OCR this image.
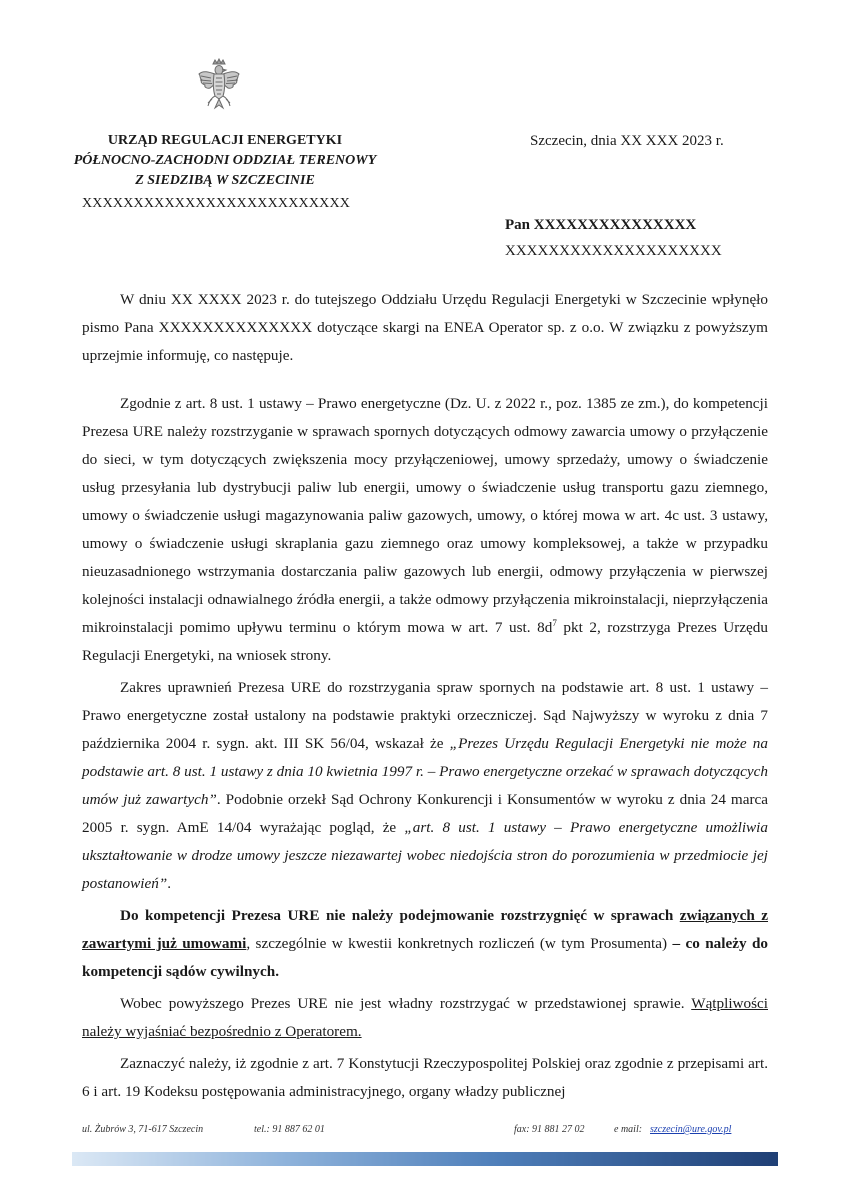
URZĄD REGULACJI ENERGETYKI
PÓŁNOCNO-ZACHODNI ODDZIAŁ TERENOWY
Z SIEDZIBĄ W SZCZECINIE
XXXXXXXXXXXXXXXXXXXXXXXXXX
Szczecin, dnia XX XXX 2023 r.
Pan XXXXXXXXXXXXXXX
XXXXXXXXXXXXXXXXXXXX

W dniu XX XXXX 2023 r. do tutejszego Oddziału Urzędu Regulacji Energetyki w Szczecinie wpłynęło pismo Pana XXXXXXXXXXXXXX dotyczące skargi na ENEA Operator sp. z o.o. W związku z powyższym uprzejmie informuję, co następuje.

Zgodnie z art. 8 ust. 1 ustawy – Prawo energetyczne (Dz. U. z 2022 r., poz. 1385 ze zm.), do kompetencji Prezesa URE należy rozstrzyganie w sprawach spornych dotyczących odmowy zawarcia umowy o przyłączenie do sieci, w tym dotyczących zwiększenia mocy przyłączeniowej, umowy sprzedaży, umowy o świadczenie usług przesyłania lub dystrybucji paliw lub energii, umowy o świadczenie usług transportu gazu ziemnego, umowy o świadczenie usługi magazynowania paliw gazowych, umowy, o której mowa w art. 4c ust. 3 ustawy, umowy o świadczenie usługi skraplania gazu ziemnego oraz umowy kompleksowej, a także w przypadku nieuzasadnionego wstrzymania dostarczania paliw gazowych lub energii, odmowy przyłączenia w pierwszej kolejności instalacji odnawialnego źródła energii, a także odmowy przyłączenia mikroinstalacji, nieprzyłączenia mikroinstalacji pomimo upływu terminu o którym mowa w art. 7 ust. $8d^7$ pkt 2, rozstrzyga Prezes Urzędu Regulacji Energetyki, na wniosek strony.

Zakres uprawnień Prezesa URE do rozstrzygania spraw spornych na podstawie art. 8 ust. 1 ustawy – Prawo energetyczne został ustalony na podstawie praktyki orzeczniczej. Sąd Najwyższy w wyroku z dnia 7 października 2004 r. sygn. akt. III SK 56/04, wskazał że „Prezes Urzędu Regulacji Energetyki nie może na podstawie art. 8 ust. 1 ustawy z dnia 10 kwietnia 1997 r. – Prawo energetyczne orzekać w sprawach dotyczących umów już zawartych”. Podobnie orzekł Sąd Ochrony Konkurencji i Konsumentów w wyroku z dnia 24 marca 2005 r. sygn. AmE 14/04 wyrażając pogląd, że „art. 8 ust. 1 ustawy – Prawo energetyczne umożliwia ukształtowanie w drodze umowy jeszcze niezawartej wobec niedojścia stron do porozumienia w przedmiocie jej postanowień”.

Do kompetencji Prezesa URE nie należy podejmowanie rozstrzygnięć w sprawach związanych z zawartymi już umowami, szczególnie w kwestii konkretnych rozliczeń (w tym Prosumenta) – co należy do kompetencji sądów cywilnych.

Wobec powyższego Prezes URE nie jest władny rozstrzygać w przedstawionej sprawie. Wątpliwości należy wyjaśniać bezpośrednio z Operatorem.

Zaznaczyć należy, iż zgodnie z art. 7 Konstytucji Rzeczypospolitej Polskiej oraz zgodnie z przepisami art. 6 i art. 19 Kodeksu postępowania administracyjnego, organy władzy publicznej

ul. Żubrów 3, 71-617 Szczecin	tel.: 91 887 62 01	fax: 91 881 27 02	e mail: szczecin@ure.gov.pl
